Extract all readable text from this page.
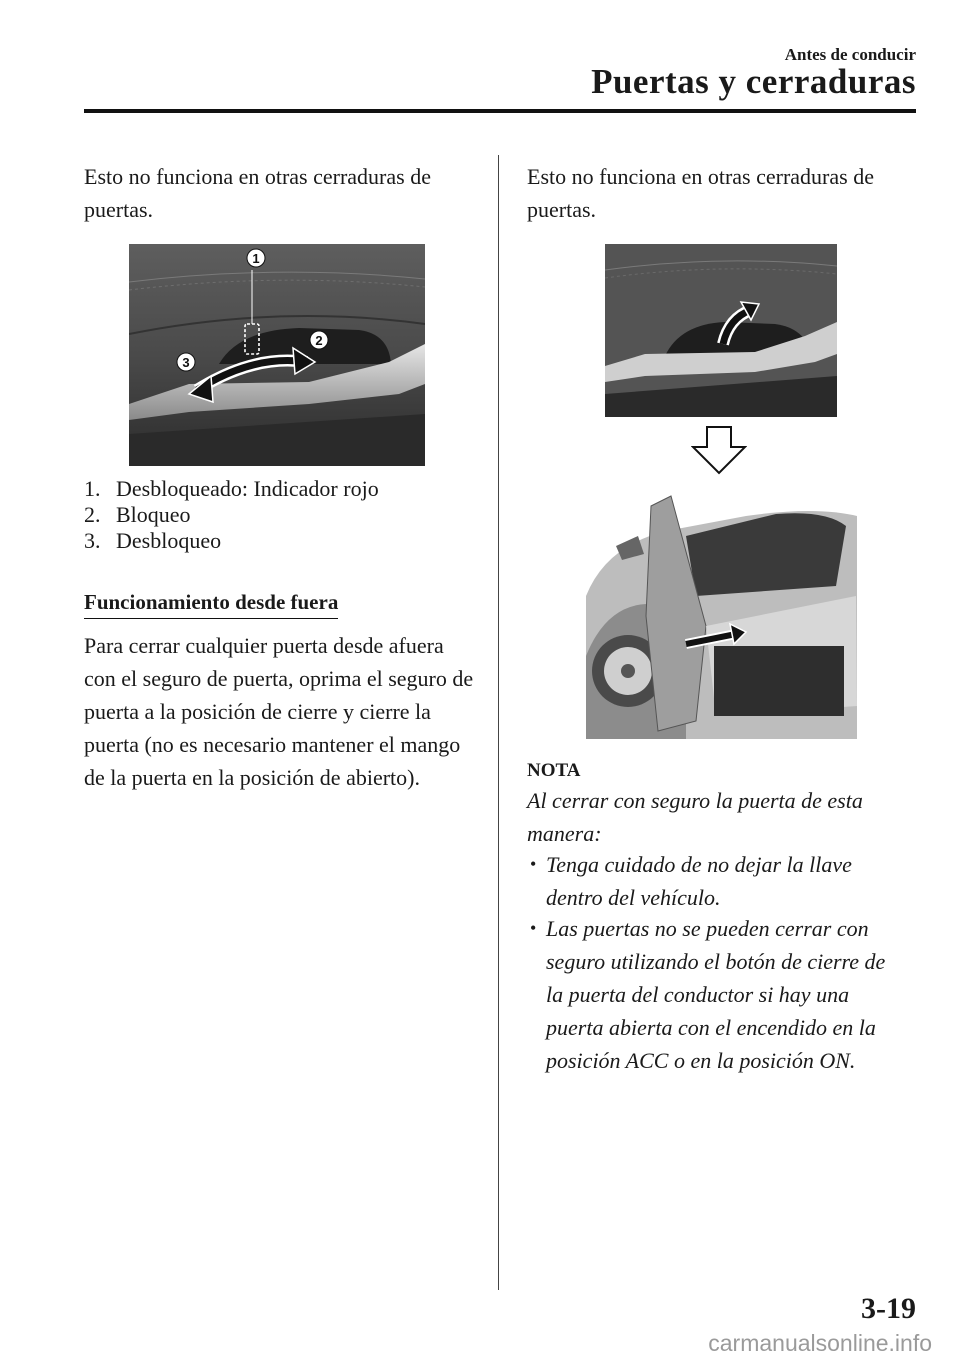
Antes de conducir
Puertas y cerraduras
Esto no funciona en otras cerraduras de puertas.
1
2
3
1. Desbloqueado: Indicador rojo
2. Bloqueo
3. Desbloqueo
Funcionamiento desde fuera
Para cerrar cualquier puerta desde afuera con el seguro de puerta, oprima el seguro de puerta a la posición de cierre y cierre la puerta (no es necesario mantener el mango de la puerta en la posición de abierto).
Esto no funciona en otras cerraduras de puertas.
NOTA
Al cerrar con seguro la puerta de esta manera:
• Tenga cuidado de no dejar la llave dentro del vehículo.
• Las puertas no se pueden cerrar con seguro utilizando el botón de cierre de la puerta del conductor si hay una puerta abierta con el encendido en la posición ACC o en la posición ON.
3-19
carmanualsonline.info
